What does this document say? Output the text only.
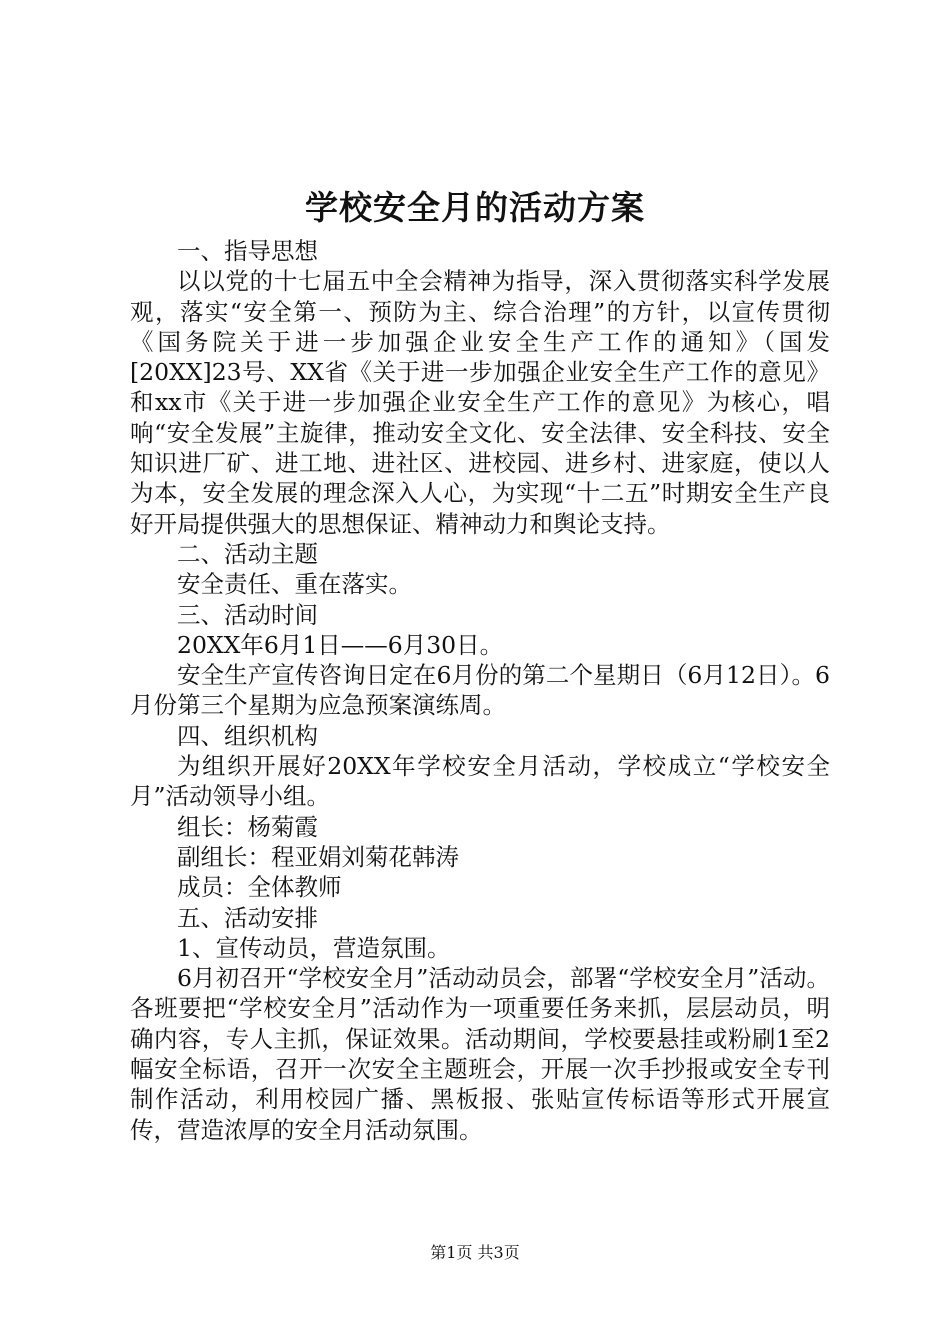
学校安全月的活动方案

一、指导思想

以以党的十七届五中全会精神为指导，深入贯彻落实科学发展观，落实“安全第一、预防为主、综合治理”的方针，以宣传贯彻《国务院关于进一步加强企业安全生产工作的通知》（国发[20XX]23号、XX省《关于进一步加强企业安全生产工作的意见》和xx市《关于进一步加强企业安全生产工作的意见》为核心，唱响“安全发展”主旋律，推动安全文化、安全法律、安全科技、安全知识进厂矿、进工地、进社区、进校园、进乡村、进家庭，使以人为本，安全发展的理念深入人心，为实现“十二五”时期安全生产良好开局提供强大的思想保证、精神动力和舆论支持。

二、活动主题

安全责任、重在落实。

三、活动时间

20XX年6月1日——6月30日。

安全生产宣传咨询日定在6月份的第二个星期日（6月12日）。6月份第三个星期为应急预案演练周。

四、组织机构

为组织开展好20XX年学校安全月活动，学校成立“学校安全月”活动领导小组。

组长：杨菊霞

副组长：程亚娟刘菊花韩涛

成员：全体教师

五、活动安排

1、宣传动员，营造氛围。

6月初召开“学校安全月”活动动员会，部署“学校安全月”活动。各班要把“学校安全月”活动作为一项重要任务来抓，层层动员，明确内容，专人主抓，保证效果。活动期间，学校要悬挂或粉刷1至2幅安全标语，召开一次安全主题班会，开展一次手抄报或安全专刊制作活动，利用校园广播、黑板报、张贴宣传标语等形式开展宣传，营造浓厚的安全月活动氛围。

第1页 共3页
